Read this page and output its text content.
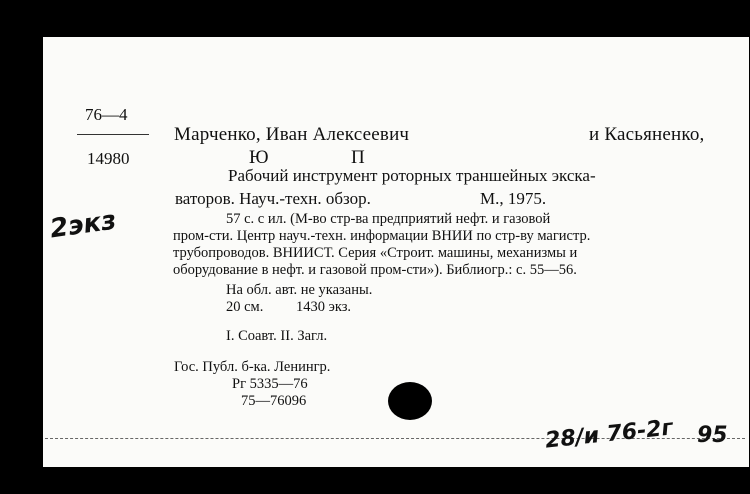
76—4
14980
Марченко, Иван Алексеевич	и Касьяненко,
Ю	П
Рабочий инструмент роторных траншейных экска-
ваторов. Науч.-техн. обзор.	М., 1975.
57 с. с ил. (М-во стр-ва предприятий нефт. и газовой
пром-сти. Центр науч.-техн. информации ВНИИ по стр-ву магистр.
трубопроводов. ВНИИСТ. Серия «Строит. машины, механизмы и
оборудование в нефт. и газовой пром-сти»). Библиогр.: с. 55—56.
На обл. авт. не указаны.
20 см.         1430 экз.
I. Соавт. II. Загл.
Гос. Публ. б-ка. Ленингр.
Рг 5335—76
75—76096
2экз
28/и 76-2г 95
